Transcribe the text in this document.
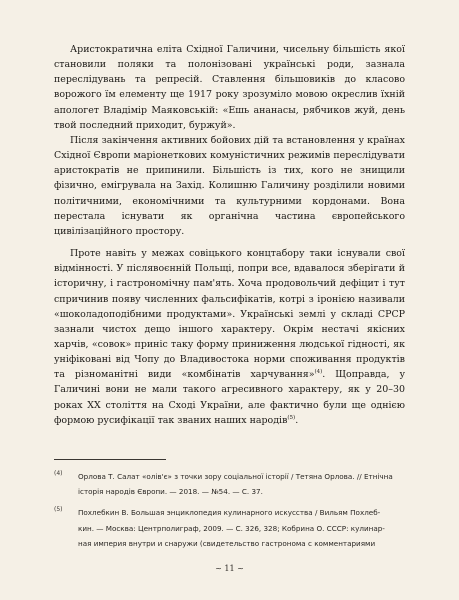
Аристократична еліта Східної Галичини, чисельну більшість якої становили поляки та полонізовані українські роди, зазнала переслідувань та репресій. Ставлення більшовиків до класово ворожого їм елементу ще 1917 року зрозуміло мовою окреслив їхній апологет Владімір Маяковській: «Ешь ананасы, рябчиков жуй, день твой последний приходит, буржуй».

Після закінчення активних бойових дій та встановлення у країнах Східної Європи маріонеткових комуністичних режимів переслідувати аристократів не припинили. Більшість із тих, кого не знищили фізично, емігрувала на Захід. Колишню Галичину розділили новими політичними, економічними та культурними кордонами. Вона перестала існувати як органічна частина європейського цивілізаційного простору.

Проте навіть у межах совіцького концтабору таки існували свої відмінності. У післявоєнній Польщі, попри все, вдавалося зберігати й історичну, і гастрономічну пам'ять. Хоча продовольчий дефіцит і тут спричинив появу численних фальсифікатів, котрі з іронією називали «шоколадоподібними продуктами». Українські землі у складі СРСР зазнали чистох дещо іншого характеру. Окрім нестачі якісних харчів, «совок» приніс таку форму приниження людської гідності, як уніфіковані від Чопу до Владивостока норми споживання продуктів та різноманітні види «комбінатів харчування»$^{(4)}$. Щоправда, у Галичині вони не мали такого агресивного характеру, як у 20–30 роках XX століття на Сході України, але фактично були ще однією формою русифікації так званих наших народів$^{(5)}$.

(4)	Орлова Т. Салат «олів'є» з точки зору соціальної історії / Тетяна Орлова. // Етнічна
історія народів Європи. — 2018. — №54. — С. 37.
(5)	Похлебкин В. Большая энциклопедия кулинарного искусства / Вильям Похлеб-
кин. — Москва: Центрполиграф, 2009. — С. 326, 328; Кобрина О. СССР: кулинар-
ная империя внутри и снаружи (свидетельство гастронома с комментариями
~ 11 ~
